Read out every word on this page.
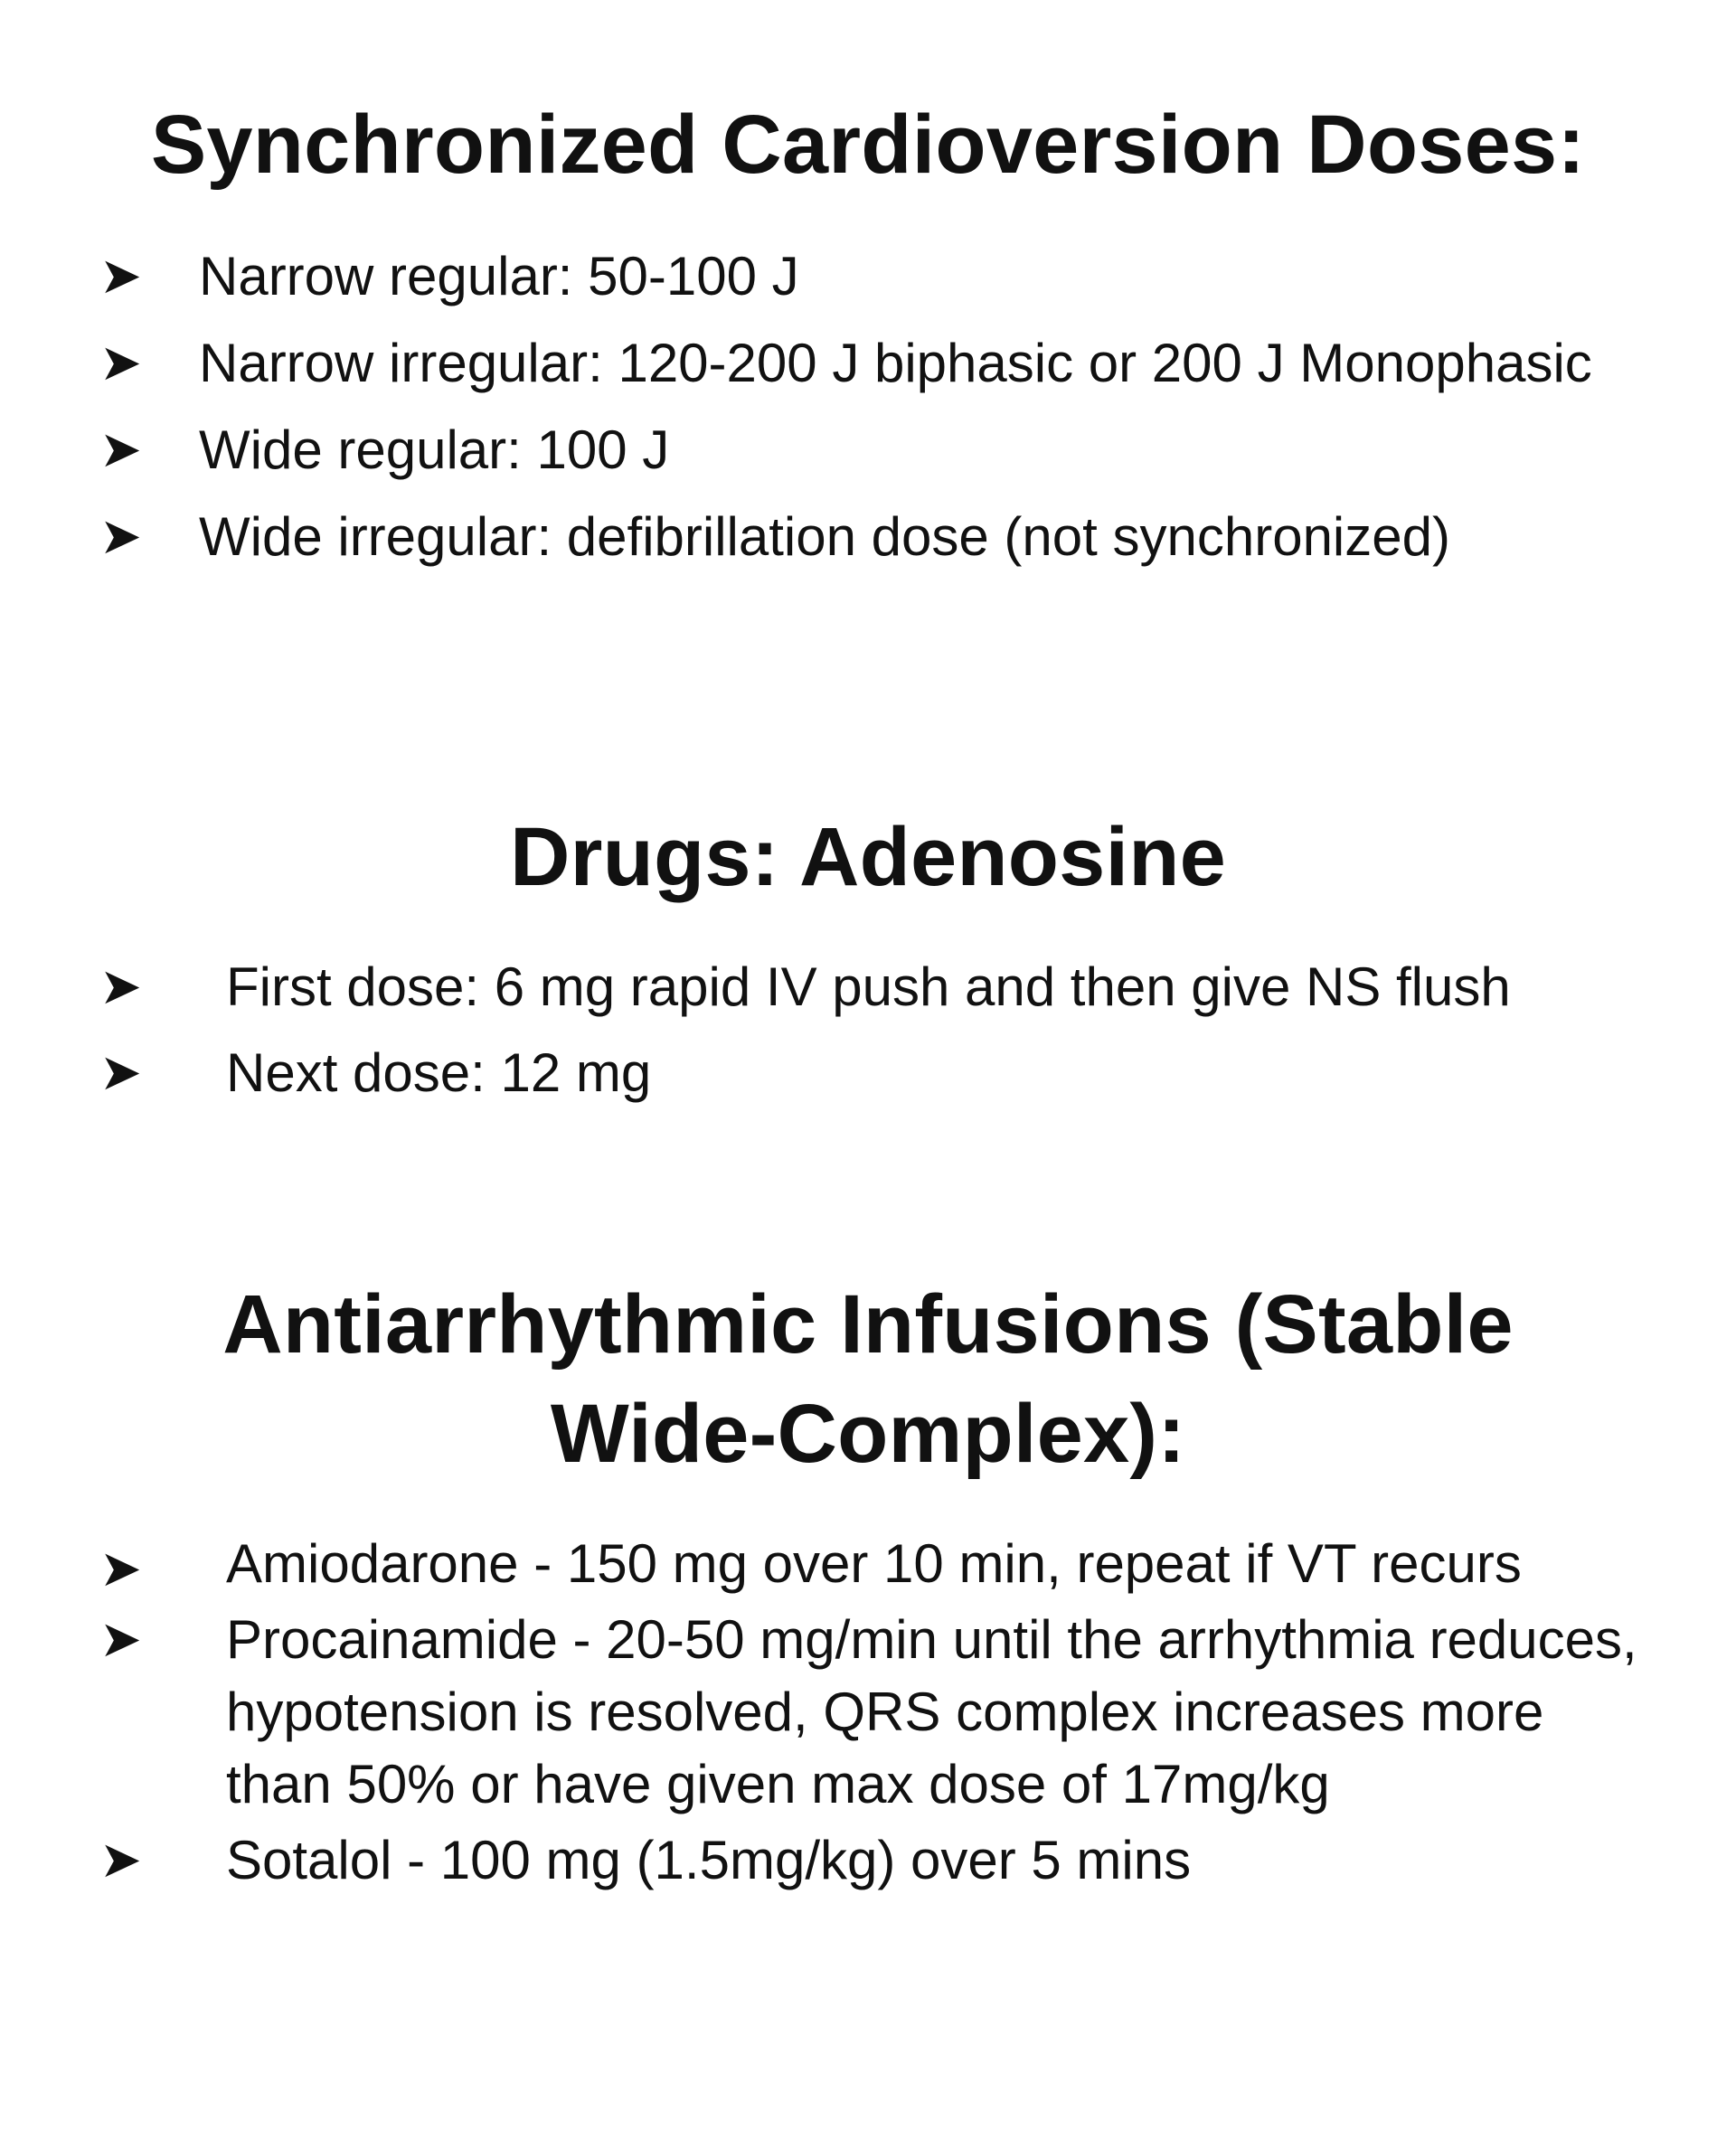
Synchronized Cardioversion Doses:
➤ Narrow regular: 50-100 J
➤ Narrow irregular: 120-200 J biphasic or 200 J Monophasic
➤ Wide regular: 100 J
➤ Wide irregular: defibrillation dose (not synchronized)
Drugs: Adenosine
➤ First dose: 6 mg rapid IV push and then give NS flush
➤ Next dose: 12 mg
Antiarrhythmic Infusions (Stable Wide-Complex):
➤ Amiodarone - 150 mg over 10 min, repeat if VT recurs
➤ Procainamide - 20-50 mg/min until the arrhythmia reduces, hypotension is resolved, QRS complex increases more than 50% or have given max dose of 17mg/kg
➤ Sotalol - 100 mg (1.5mg/kg) over 5 mins
